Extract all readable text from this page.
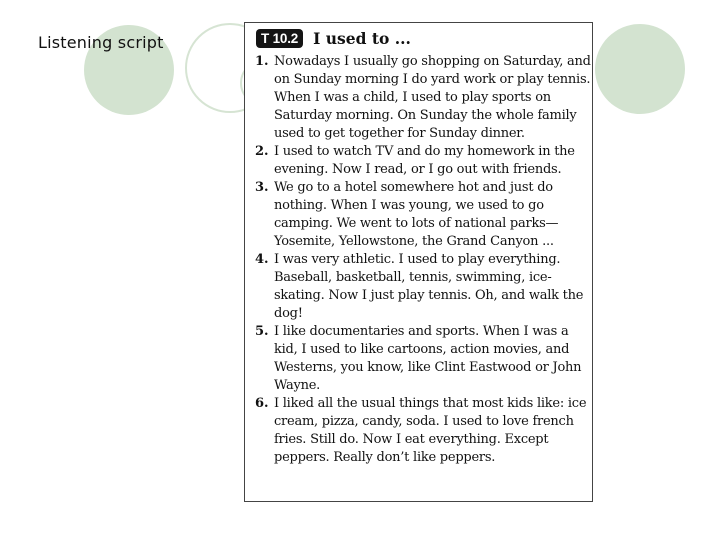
Listening script	T 10.2 I used to ...
1. Nowadays I usually go shopping on Saturday, and on Sunday morning I do yard work or play tennis. When I was a child, I used to play sports on Saturday morning. On Sunday the whole family used to get together for Sunday dinner.
2. I used to watch TV and do my homework in the evening. Now I read, or I go out with friends.
3. We go to a hotel somewhere hot and just do nothing. When I was young, we used to go camping. We went to lots of national parks—Yosemite, Yellowstone, the Grand Canyon ...
4. I was very athletic. I used to play everything. Baseball, basketball, tennis, swimming, ice-skating. Now I just play tennis. Oh, and walk the dog!
5. I like documentaries and sports. When I was a kid, I used to like cartoons, action movies, and Westerns, you know, like Clint Eastwood or John Wayne.
6. I liked all the usual things that most kids like: ice cream, pizza, candy, soda. I used to love french fries. Still do. Now I eat everything. Except peppers. Really don’t like peppers.
